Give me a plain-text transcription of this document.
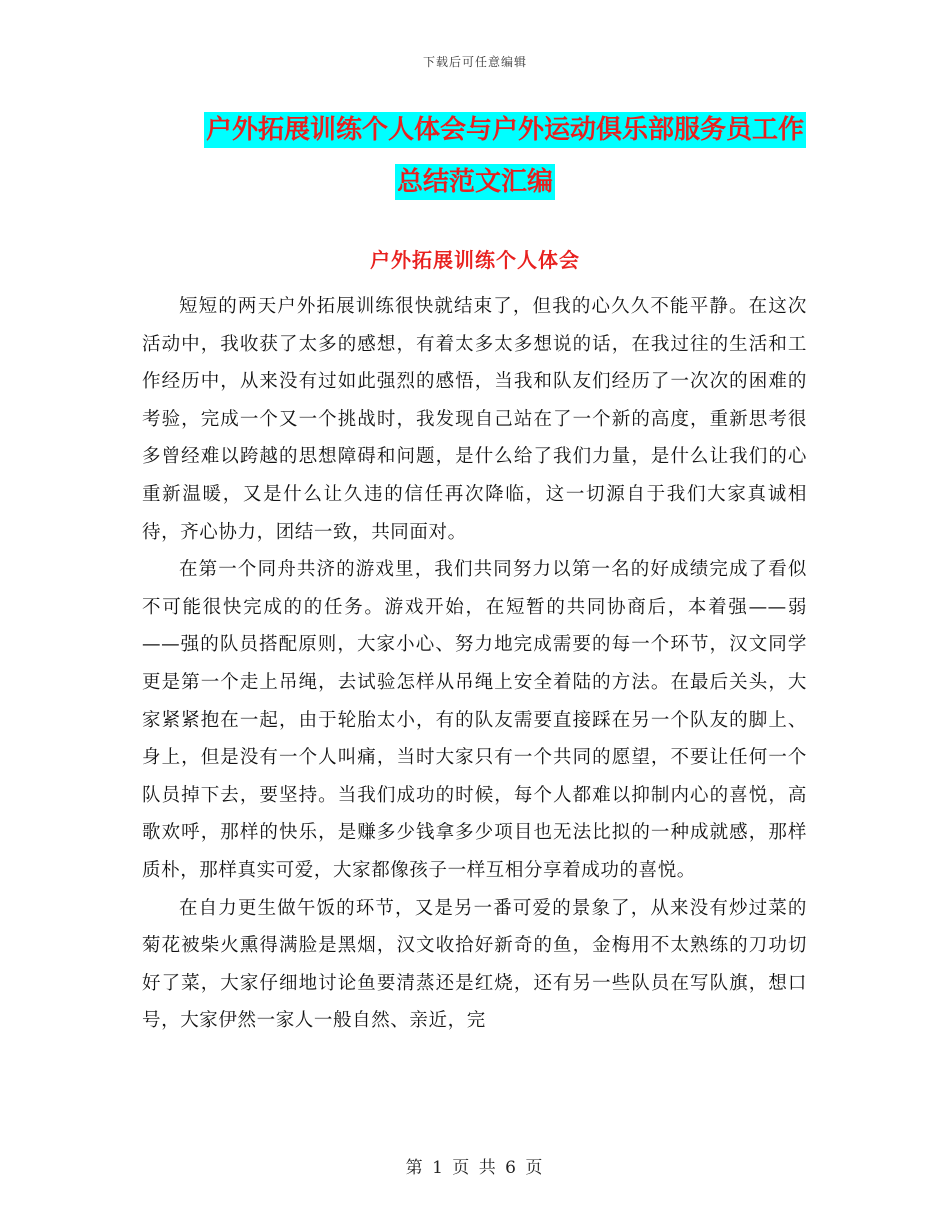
下载后可任意编辑
户外拓展训练个人体会与户外运动俱乐部服务员工作
总结范文汇编
户外拓展训练个人体会

短短的两天户外拓展训练很快就结束了，但我的心久久不能平静。在这次活动中，我收获了太多的感想，有着太多太多想说的话，在我过往的生活和工作经历中，从来没有过如此强烈的感悟，当我和队友们经历了一次次的困难的考验，完成一个又一个挑战时，我发现自己站在了一个新的高度，重新思考很多曾经难以跨越的思想障碍和问题，是什么给了我们力量，是什么让我们的心重新温暖，又是什么让久违的信任再次降临，这一切源自于我们大家真诚相待，齐心协力，团结一致，共同面对。

在第一个同舟共济的游戏里，我们共同努力以第一名的好成绩完成了看似不可能很快完成的的任务。游戏开始，在短暂的共同协商后，本着强——弱——强的队员搭配原则，大家小心、努力地完成需要的每一个环节，汉文同学更是第一个走上吊绳，去试验怎样从吊绳上安全着陆的方法。在最后关头，大家紧紧抱在一起，由于轮胎太小，有的队友需要直接踩在另一个队友的脚上、身上，但是没有一个人叫痛，当时大家只有一个共同的愿望，不要让任何一个队员掉下去，要坚持。当我们成功的时候，每个人都难以抑制内心的喜悦，高歌欢呼，那样的快乐，是赚多少钱拿多少项目也无法比拟的一种成就感，那样质朴，那样真实可爱，大家都像孩子一样互相分享着成功的喜悦。

在自力更生做午饭的环节，又是另一番可爱的景象了，从来没有炒过菜的菊花被柴火熏得满脸是黑烟，汉文收拾好新奇的鱼，金梅用不太熟练的刀功切好了菜，大家仔细地讨论鱼要清蒸还是红烧，还有另一些队员在写队旗，想口号，大家伊然一家人一般自然、亲近，完

第 1 页 共 6 页
